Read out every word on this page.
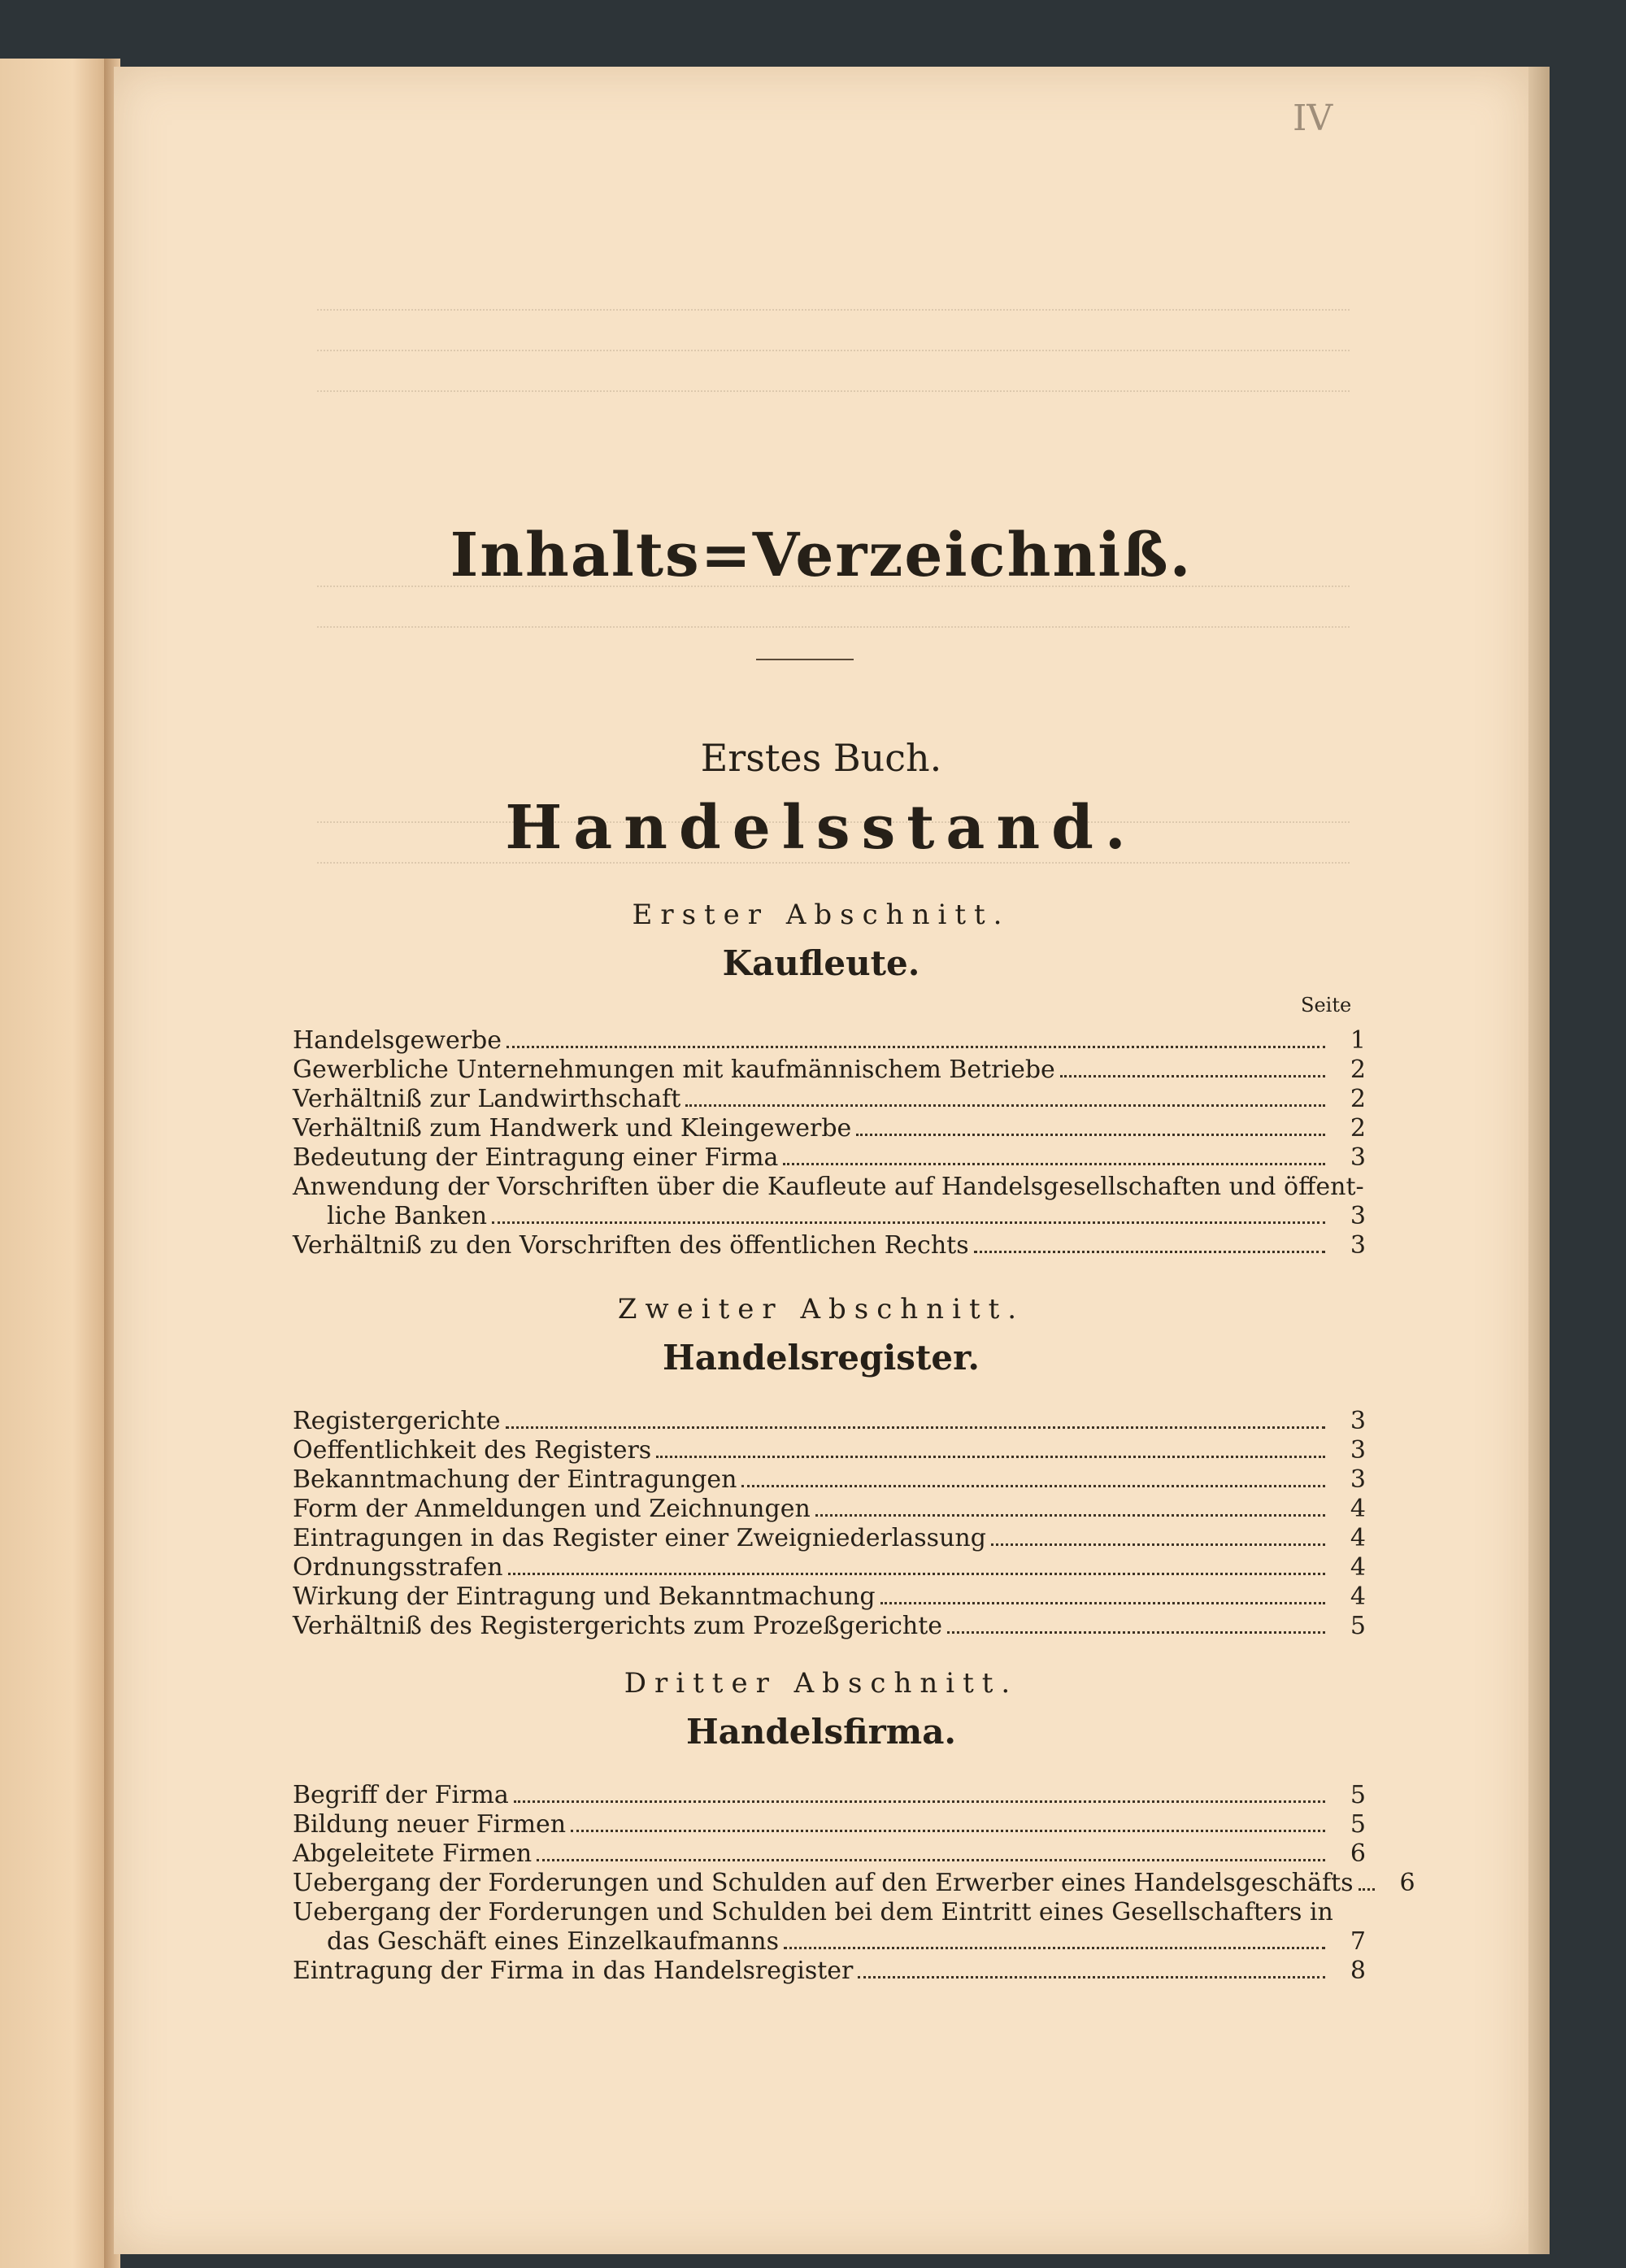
IV
Inhalts=Verzeichniß.
Erstes Buch.
Handelsstand.
Erster Abschnitt.
Kaufleute.
Seite
Handelsgewerbe	1
Gewerbliche Unternehmungen mit kaufmännischem Betriebe	2
Verhältniß zur Landwirthschaft	2
Verhältniß zum Handwerk und Kleingewerbe	2
Bedeutung der Eintragung einer Firma	3
Anwendung der Vorschriften über die Kaufleute auf Handelsgesellschaften und öffent-
liche Banken	3
Verhältniß zu den Vorschriften des öffentlichen Rechts	3
Zweiter Abschnitt.
Handelsregister.
Registergerichte	3
Oeffentlichkeit des Registers	3
Bekanntmachung der Eintragungen	3
Form der Anmeldungen und Zeichnungen	4
Eintragungen in das Register einer Zweigniederlassung	4
Ordnungsstrafen	4
Wirkung der Eintragung und Bekanntmachung	4
Verhältniß des Registergerichts zum Prozeßgerichte	5
Dritter Abschnitt.
Handelsfirma.
Begriff der Firma	5
Bildung neuer Firmen	5
Abgeleitete Firmen	6
Uebergang der Forderungen und Schulden auf den Erwerber eines Handelsgeschäfts	6
Uebergang der Forderungen und Schulden bei dem Eintritt eines Gesellschafters in
das Geschäft eines Einzelkaufmanns	7
Eintragung der Firma in das Handelsregister	8
